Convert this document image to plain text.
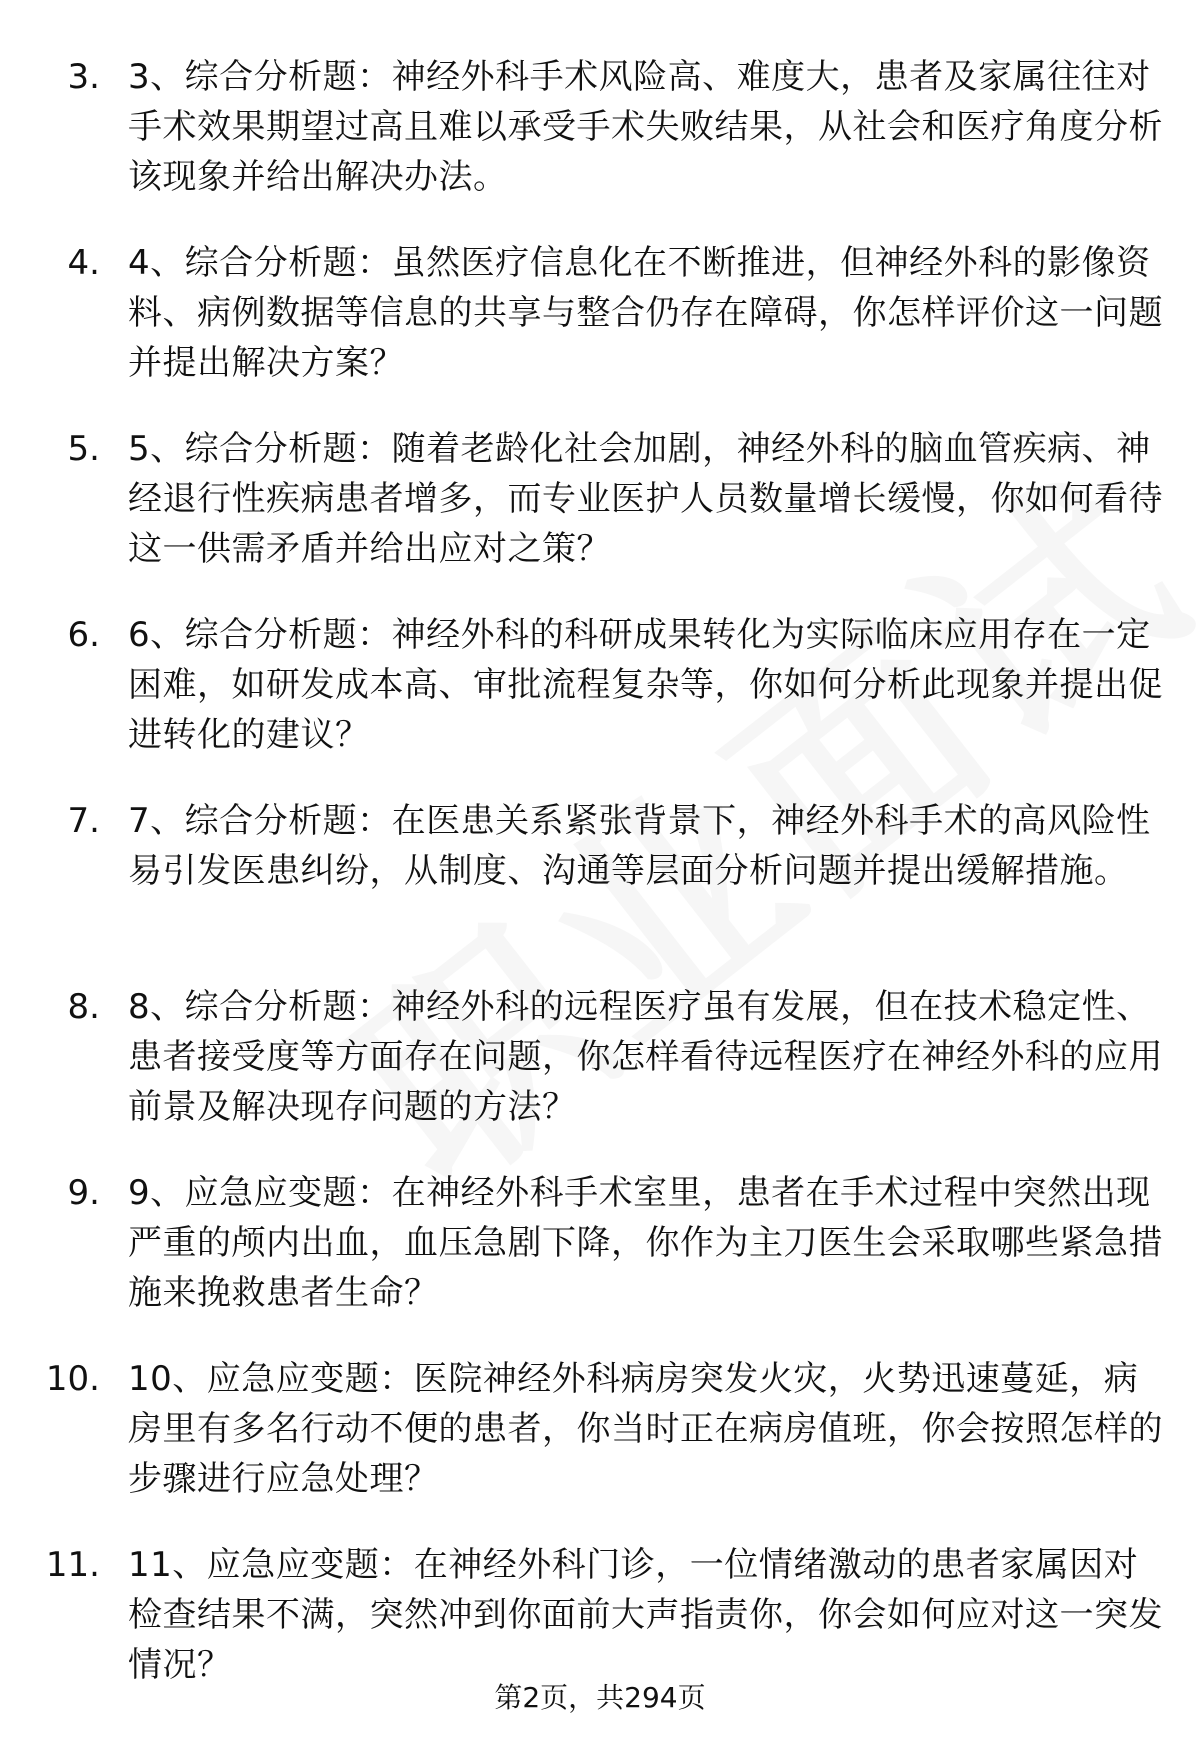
3. 3、综合分析题：神经外科手术风险高、难度大，患者及家属往往对手术效果期望过高且难以承受手术失败结果，从社会和医疗角度分析该现象并给出解决办法。
4. 4、综合分析题：虽然医疗信息化在不断推进，但神经外科的影像资料、病例数据等信息的共享与整合仍存在障碍，你怎样评价这一问题并提出解决方案？
5. 5、综合分析题：随着老龄化社会加剧，神经外科的脑血管疾病、神经退行性疾病患者增多，而专业医护人员数量增长缓慢，你如何看待这一供需矛盾并给出应对之策？
6. 6、综合分析题：神经外科的科研成果转化为实际临床应用存在一定困难，如研发成本高、审批流程复杂等，你如何分析此现象并提出促进转化的建议？
7. 7、综合分析题：在医患关系紧张背景下，神经外科手术的高风险性易引发医患纠纷，从制度、沟通等层面分析问题并提出缓解措施。
8. 8、综合分析题：神经外科的远程医疗虽有发展，但在技术稳定性、患者接受度等方面存在问题，你怎样看待远程医疗在神经外科的应用前景及解决现存问题的方法？
9. 9、应急应变题：在神经外科手术室里，患者在手术过程中突然出现严重的颅内出血，血压急剧下降，你作为主刀医生会采取哪些紧急措施来挽救患者生命？
10. 10、应急应变题：医院神经外科病房突发火灾，火势迅速蔓延，病房里有多名行动不便的患者，你当时正在病房值班，你会按照怎样的步骤进行应急处理？
11. 11、应急应变题：在神经外科门诊，一位情绪激动的患者家属因对检查结果不满，突然冲到你面前大声指责你，你会如何应对这一突发情况？
第2页，共294页
